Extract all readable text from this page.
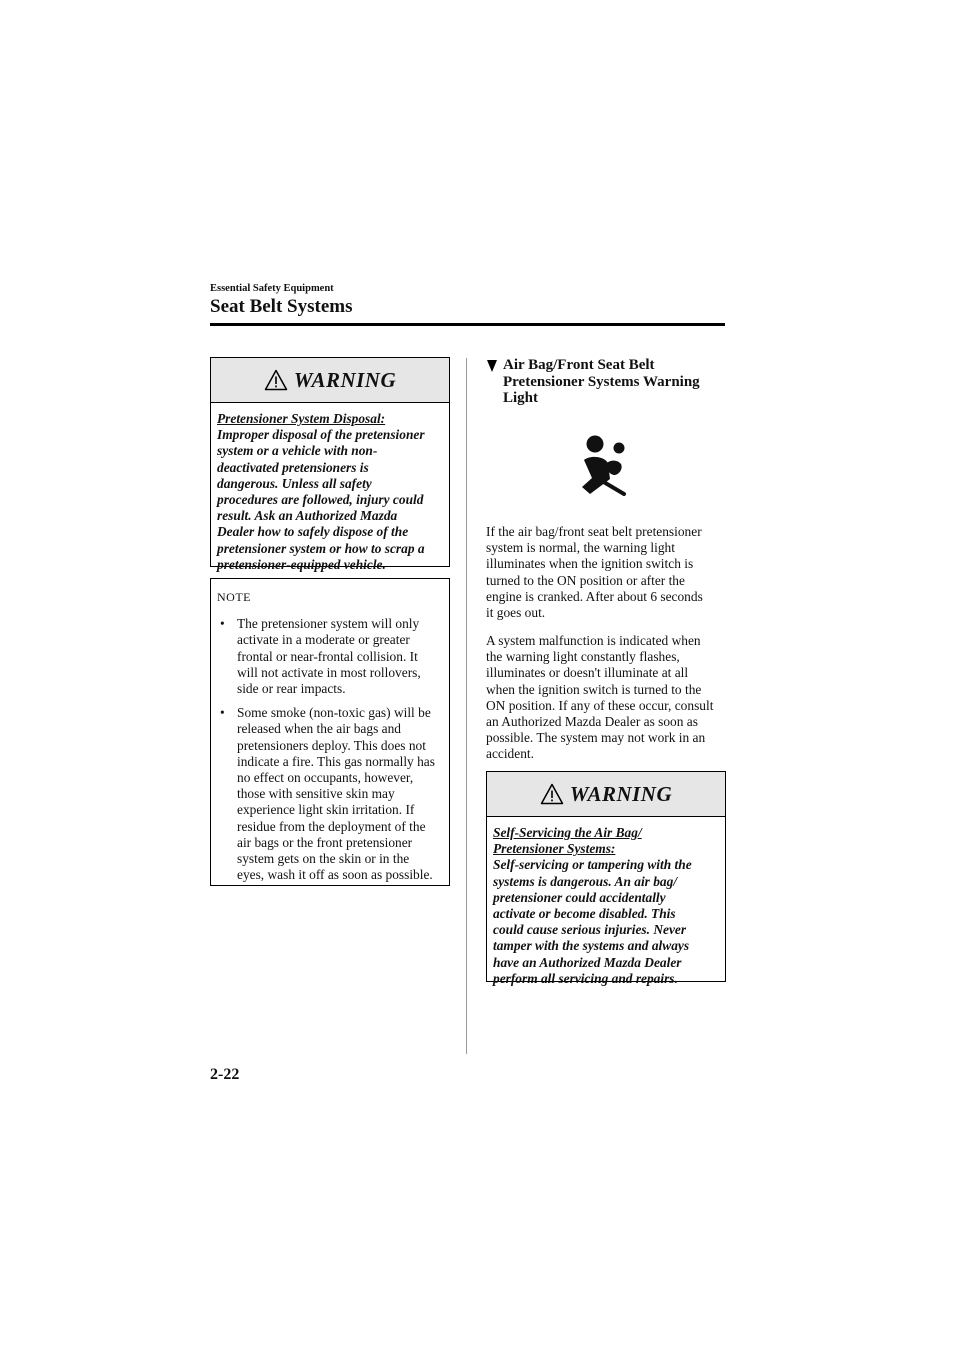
Essential Safety Equipment
Seat Belt Systems
WARNING
Pretensioner System Disposal:
Improper disposal of the pretensioner
system or a vehicle with non-
deactivated pretensioners is
dangerous. Unless all safety
procedures are followed, injury could
result. Ask an Authorized Mazda
Dealer how to safely dispose of the
pretensioner system or how to scrap a
pretensioner-equipped vehicle.
NOTE
• The pretensioner system will only
activate in a moderate or greater
frontal or near-frontal collision. It
will not activate in most rollovers,
side or rear impacts.
• Some smoke (non-toxic gas) will be
released when the air bags and
pretensioners deploy. This does not
indicate a fire. This gas normally has
no effect on occupants, however,
those with sensitive skin may
experience light skin irritation. If
residue from the deployment of the
air bags or the front pretensioner
system gets on the skin or in the
eyes, wash it off as soon as possible.
Air Bag/Front Seat Belt
Pretensioner Systems Warning
Light
If the air bag/front seat belt pretensioner
system is normal, the warning light
illuminates when the ignition switch is
turned to the ON position or after the
engine is cranked. After about 6 seconds
it goes out.
A system malfunction is indicated when
the warning light constantly flashes,
illuminates or doesn't illuminate at all
when the ignition switch is turned to the
ON position. If any of these occur, consult
an Authorized Mazda Dealer as soon as
possible. The system may not work in an
accident.
WARNING
Self-Servicing the Air Bag/
Pretensioner Systems:
Self-servicing or tampering with the
systems is dangerous. An air bag/
pretensioner could accidentally
activate or become disabled. This
could cause serious injuries. Never
tamper with the systems and always
have an Authorized Mazda Dealer
perform all servicing and repairs.
2-22
